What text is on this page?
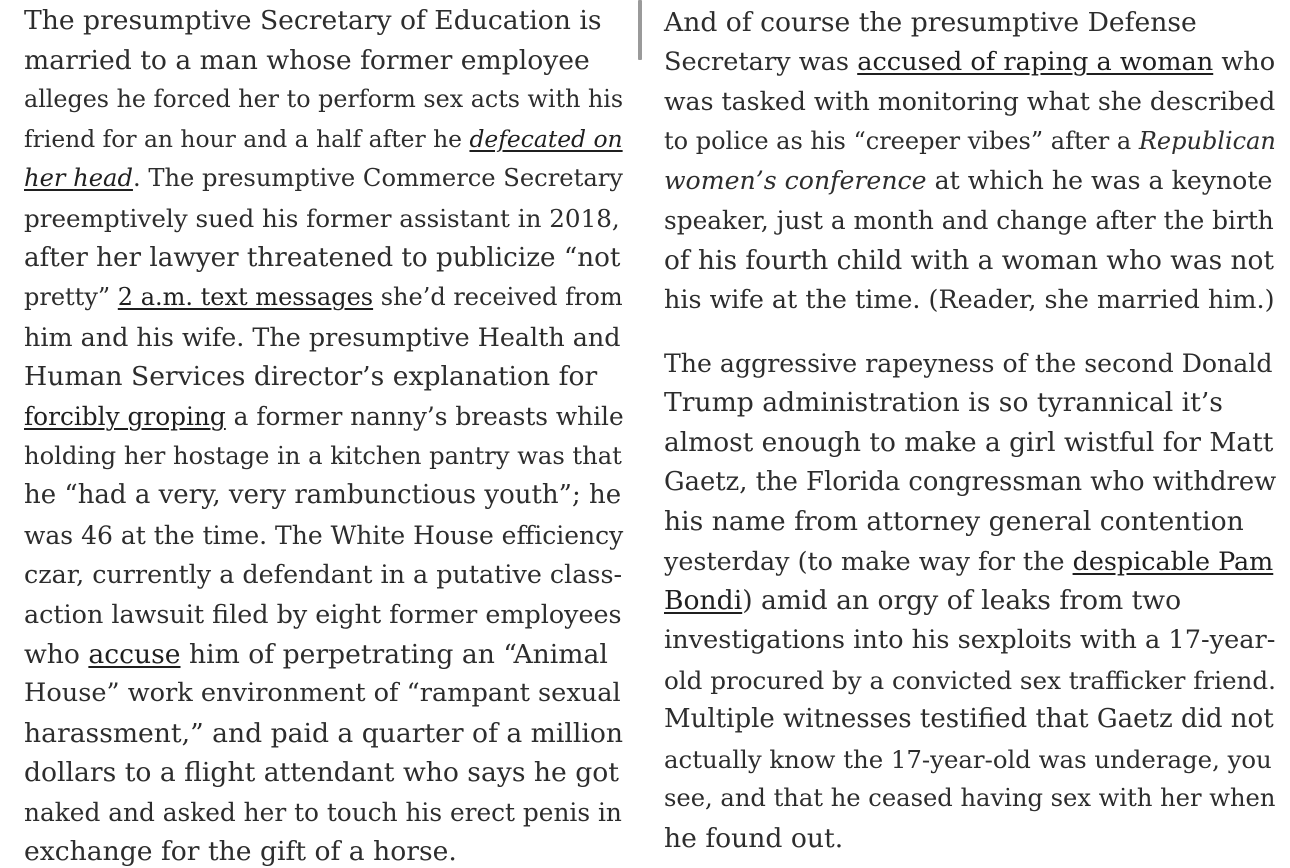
The presumptive Secretary of Education is
married to a man whose former employee
alleges he forced her to perform sex acts with his
friend for an hour and a half after he defecated on
her head. The presumptive Commerce Secretary
preemptively sued his former assistant in 2018,
after her lawyer threatened to publicize “not
pretty” 2 a.m. text messages she’d received from
him and his wife. The presumptive Health and
Human Services director’s explanation for
forcibly groping a former nanny’s breasts while
holding her hostage in a kitchen pantry was that
he “had a very, very rambunctious youth”; he
was 46 at the time. The White House efficiency
czar, currently a defendant in a putative class-
action lawsuit filed by eight former employees
who accuse him of perpetrating an “Animal
House” work environment of “rampant sexual
harassment,” and paid a quarter of a million
dollars to a flight attendant who says he got
naked and asked her to touch his erect penis in
exchange for the gift of a horse.
And of course the presumptive Defense
Secretary was accused of raping a woman who
was tasked with monitoring what she described
to police as his “creeper vibes” after a Republican
women’s conference at which he was a keynote
speaker, just a month and change after the birth
of his fourth child with a woman who was not
his wife at the time. (Reader, she married him.)
The aggressive rapeyness of the second Donald
Trump administration is so tyrannical it’s
almost enough to make a girl wistful for Matt
Gaetz, the Florida congressman who withdrew
his name from attorney general contention
yesterday (to make way for the despicable Pam
Bondi) amid an orgy of leaks from two
investigations into his sexploits with a 17-year-
old procured by a convicted sex trafficker friend.
Multiple witnesses testified that Gaetz did not
actually know the 17-year-old was underage, you
see, and that he ceased having sex with her when
he found out.
